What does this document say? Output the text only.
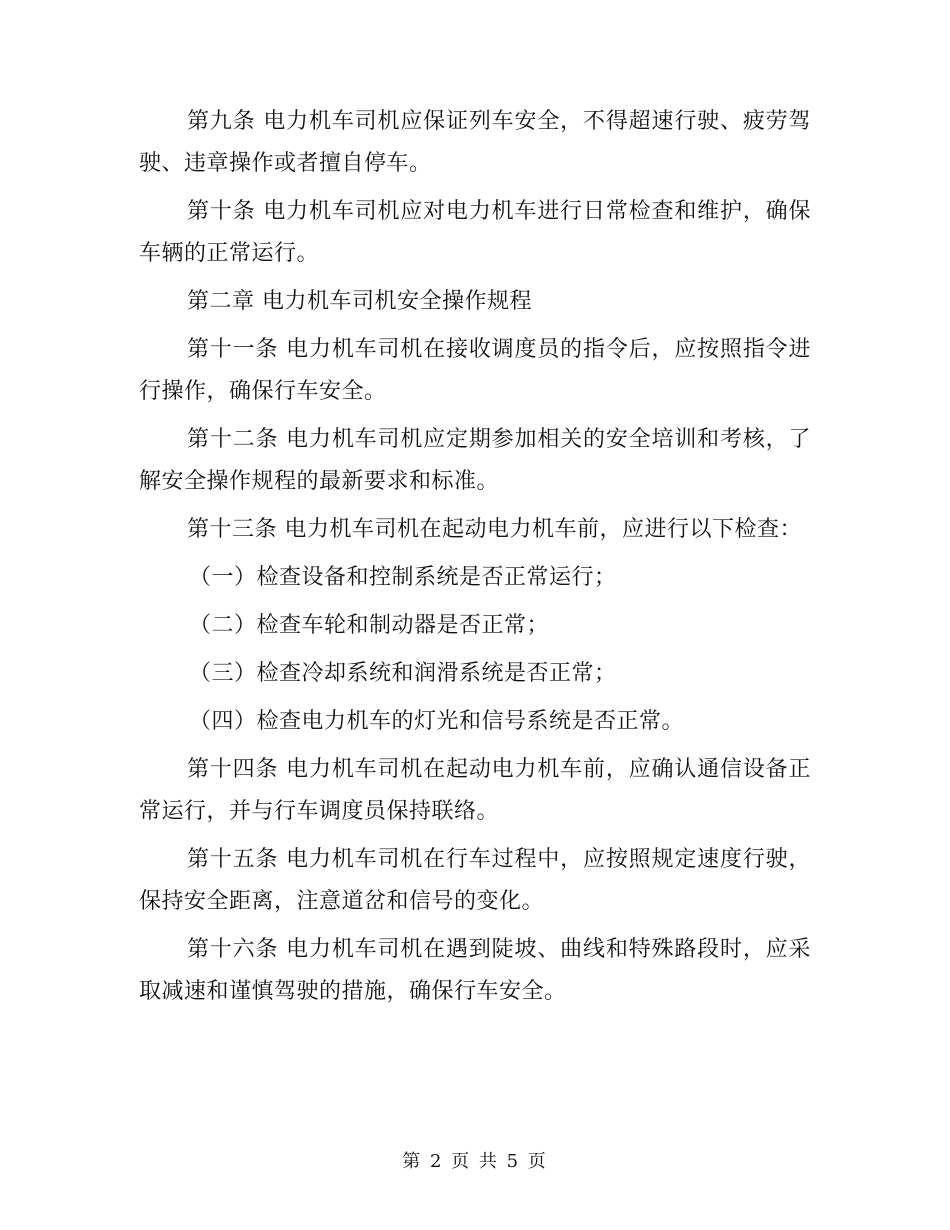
第九条 电力机车司机应保证列车安全，不得超速行驶、疲劳驾驶、违章操作或者擅自停车。

第十条 电力机车司机应对电力机车进行日常检查和维护，确保车辆的正常运行。

第二章 电力机车司机安全操作规程

第十一条 电力机车司机在接收调度员的指令后，应按照指令进行操作，确保行车安全。

第十二条 电力机车司机应定期参加相关的安全培训和考核，了解安全操作规程的最新要求和标准。

第十三条 电力机车司机在起动电力机车前，应进行以下检查：

（一）检查设备和控制系统是否正常运行；

（二）检查车轮和制动器是否正常；

（三）检查冷却系统和润滑系统是否正常；

（四）检查电力机车的灯光和信号系统是否正常。

第十四条 电力机车司机在起动电力机车前，应确认通信设备正常运行，并与行车调度员保持联络。

第十五条 电力机车司机在行车过程中，应按照规定速度行驶，保持安全距离，注意道岔和信号的变化。

第十六条 电力机车司机在遇到陡坡、曲线和特殊路段时，应采取减速和谨慎驾驶的措施，确保行车安全。

第 2 页 共 5 页
